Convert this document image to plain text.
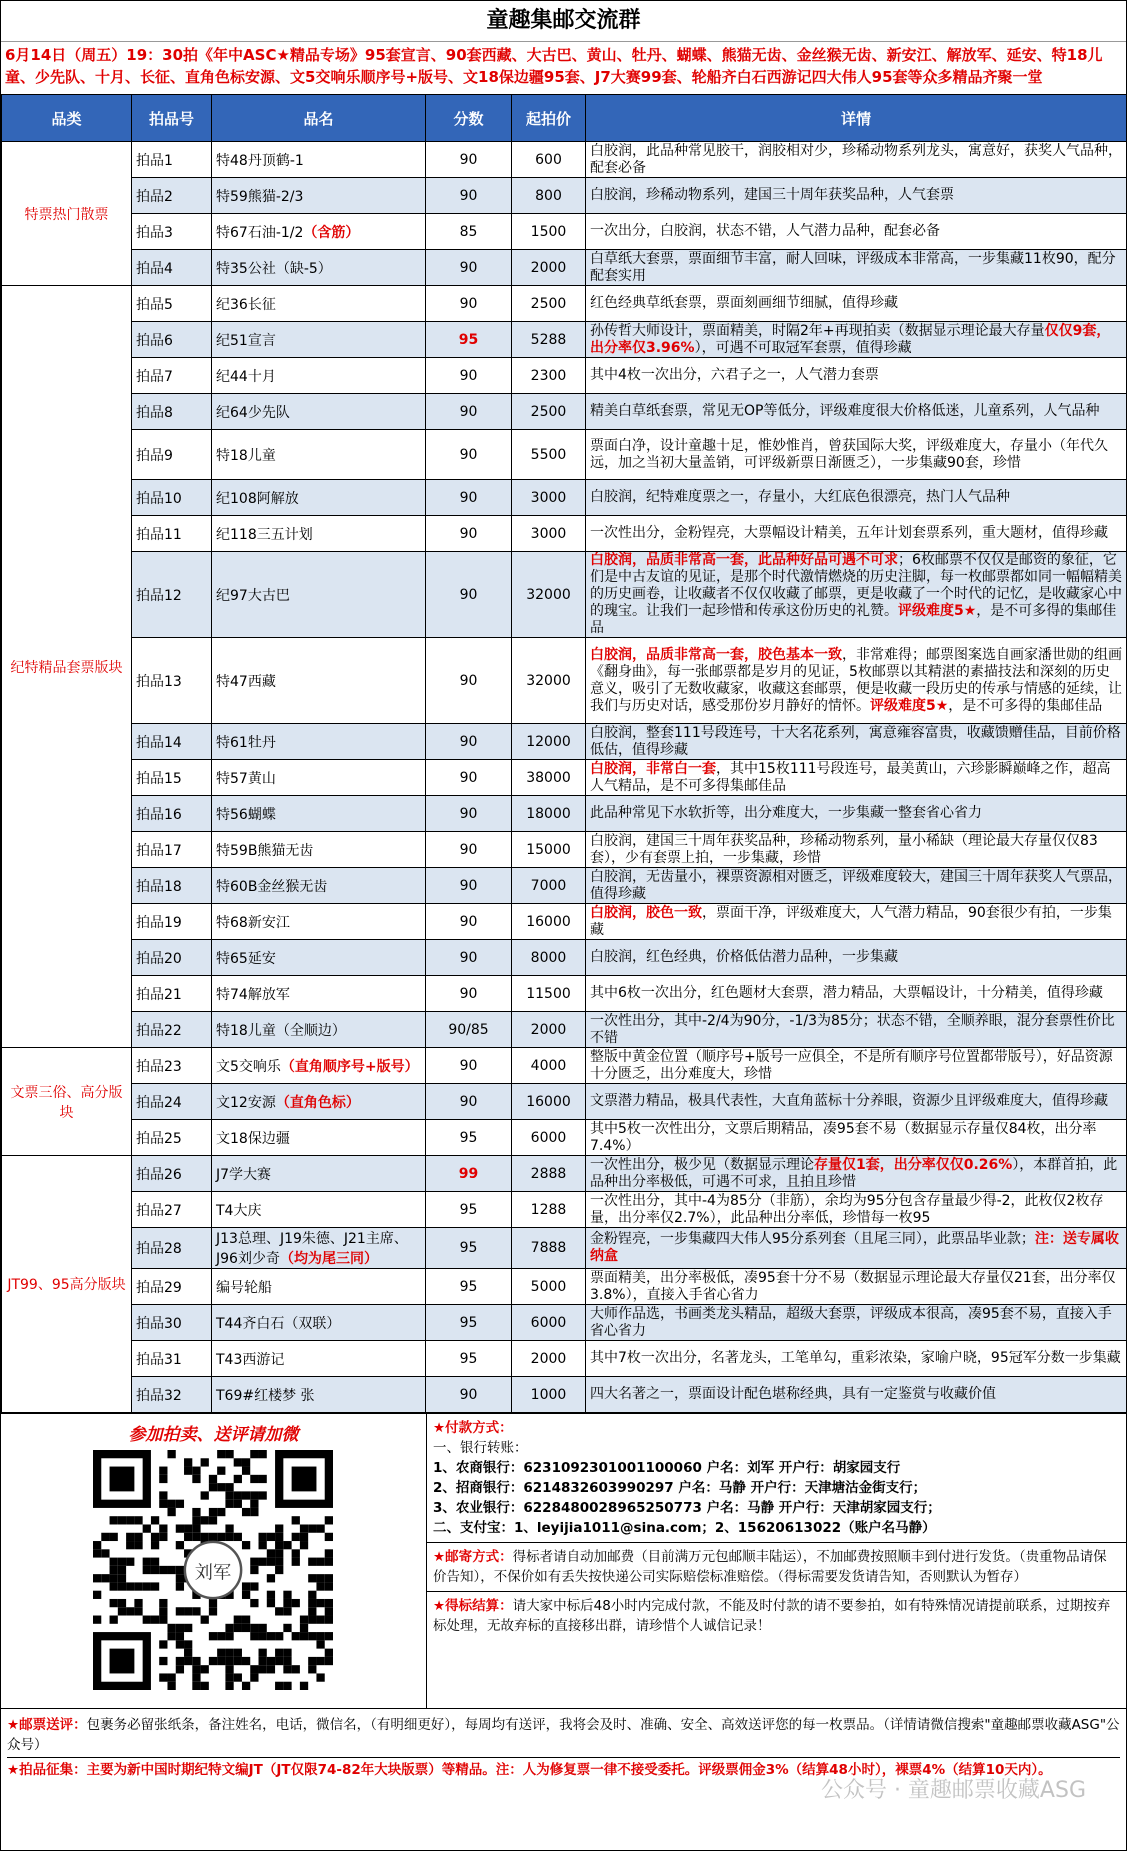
童趣集邮交流群
6月14日（周五）19：30拍《年中ASC★精品专场》95套宣言、90套西藏、大古巴、黄山、牡丹、蝴蝶、熊猫无齿、金丝猴无齿、新安江、解放军、延安、特18儿童、少先队、十月、长征、直角色标安源、文5交响乐顺序号+版号、文18保边疆95套、J7大赛99套、轮船齐白石西游记四大伟人95套等众多精品齐聚一堂
品类	拍品号	品名	分数	起拍价	详情
特票热门散票	拍品1	特48丹顶鹤-1	90	600	白胶润，此品种常见胶干，润胶相对少，珍稀动物系列龙头，寓意好，获奖人气品种，配套必备
	拍品2	特59熊猫-2/3	90	800	白胶润，珍稀动物系列，建国三十周年获奖品种，人气套票
	拍品3	特67石油-1/2（含筋）	85	1500	一次出分，白胶润，状态不错，人气潜力品种，配套必备
	拍品4	特35公社（缺-5）	90	2000	白草纸大套票，票面细节丰富，耐人回味，评级成本非常高，一步集藏11枚90，配分配套实用
纪特精品套票版块	拍品5	纪36长征	90	2500	红色经典草纸套票，票面刻画细节细腻，值得珍藏
	拍品6	纪51宣言	95	5288	孙传哲大师设计，票面精美，时隔2年+再现拍卖（数据显示理论最大存量仅仅9套，出分率仅3.96%），可遇不可取冠军套票，值得珍藏
	拍品7	纪44十月	90	2300	其中4枚一次出分，六君子之一，人气潜力套票
	拍品8	纪64少先队	90	2500	精美白草纸套票，常见无OP等低分，评级难度很大价格低迷，儿童系列，人气品种
	拍品9	特18儿童	90	5500	票面白净，设计童趣十足，惟妙惟肖，曾获国际大奖，评级难度大，存量小（年代久远，加之当初大量盖销，可评级新票日渐匮乏），一步集藏90套，珍惜
	拍品10	纪108阿解放	90	3000	白胶润，纪特难度票之一，存量小，大红底色很漂亮，热门人气品种
	拍品11	纪118三五计划	90	3000	一次性出分，金粉锃亮，大票幅设计精美，五年计划套票系列，重大题材，值得珍藏
	拍品12	纪97大古巴	90	32000	白胶润，品质非常高一套，此品种好品可遇不可求；6枚邮票不仅仅是邮资的象征，它们是中古友谊的见证，是那个时代激情燃烧的历史注脚，每一枚邮票都如同一幅幅精美的历史画卷，让收藏者不仅仅收藏了邮票，更是收藏了一个时代的记忆，是收藏家心中的瑰宝。让我们一起珍惜和传承这份历史的礼赞。评级难度5★，是不可多得的集邮佳品
	拍品13	特47西藏	90	32000	白胶润，品质非常高一套，胶色基本一致，非常难得；邮票图案选自画家潘世勋的组画《翻身曲》，每一张邮票都是岁月的见证，5枚邮票以其精湛的素描技法和深刻的历史意义，吸引了无数收藏家，收藏这套邮票，便是收藏一段历史的传承与情感的延续，让我们与历史对话，感受那份岁月静好的情怀。评级难度5★，是不可多得的集邮佳品
	拍品14	特61牡丹	90	12000	白胶润，整套111号段连号，十大名花系列，寓意雍容富贵，收藏馈赠佳品，目前价格低估，值得珍藏
	拍品15	特57黄山	90	38000	白胶润，非常白一套，其中15枚111号段连号，最美黄山，六珍影瞬巅峰之作，超高人气精品，是不可多得集邮佳品
	拍品16	特56蝴蝶	90	18000	此品种常见下水软折等，出分难度大，一步集藏一整套省心省力
	拍品17	特59B熊猫无齿	90	15000	白胶润，建国三十周年获奖品种，珍稀动物系列，量小稀缺（理论最大存量仅仅83套），少有套票上拍，一步集藏，珍惜
	拍品18	特60B金丝猴无齿	90	7000	白胶润，无齿量小，裸票资源相对匮乏，评级难度较大，建国三十周年获奖人气票品，值得珍藏
	拍品19	特68新安江	90	16000	白胶润，胶色一致，票面干净，评级难度大，人气潜力精品，90套很少有拍，一步集藏
	拍品20	特65延安	90	8000	白胶润，红色经典，价格低估潜力品种，一步集藏
	拍品21	特74解放军	90	11500	其中6枚一次出分，红色题材大套票，潜力精品，大票幅设计，十分精美，值得珍藏
	拍品22	特18儿童（全顺边）	90/85	2000	一次性出分，其中-2/4为90分，-1/3为85分；状态不错，全顺养眼，混分套票性价比不错
文票三俗、高分版块	拍品23	文5交响乐（直角顺序号+版号）	90	4000	整版中黄金位置（顺序号+版号一应俱全，不是所有顺序号位置都带版号），好品资源十分匮乏，出分难度大，珍惜
	拍品24	文12安源（直角色标）	90	16000	文票潜力精品，极具代表性，大直角蓝标十分养眼，资源少且评级难度大，值得珍藏
	拍品25	文18保边疆	95	6000	其中5枚一次性出分，文票后期精品，凑95套不易（数据显示存量仅84枚，出分率7.4%）
JT99、95高分版块	拍品26	J7学大赛	99	2888	一次性出分，极少见（数据显示理论存量仅1套，出分率仅仅0.26%），本群首拍，此品种出分率极低，可遇不可求，且拍且珍惜
	拍品27	T4大庆	95	1288	一次性出分，其中-4为85分（非筋），余均为95分包含存量最少得-2，此枚仅2枚存量，出分率仅2.7%），此品种出分率低，珍惜每一枚95
	拍品28	J13总理、J19朱德、J21主席、J96刘少奇（均为尾三同）	95	7888	金粉锃亮，一步集藏四大伟人95分系列套（且尾三同），此票品毕业款；注：送专属收纳盒
	拍品29	编号轮船	95	5000	票面精美，出分率极低，凑95套十分不易（数据显示理论最大存量仅21套，出分率仅3.8%），直接入手省心省力
	拍品30	T44齐白石（双联）	95	6000	大师作品选，书画类龙头精品，超级大套票，评级成本很高，凑95套不易，直接入手省心省力
	拍品31	T43西游记	95	2000	其中7枚一次出分，名著龙头，工笔单勾，重彩浓染，家喻户晓，95冠军分数一步集藏
	拍品32	T69#红楼梦 张	90	1000	四大名著之一，票面设计配色堪称经典，具有一定鉴赏与收藏价值
参加拍卖、送评请加微
刘军
★付款方式：
一、银行转账：
1、农商银行：6231092301001100060 户名：刘军 开户行：胡家园支行
2、招商银行：6214832603990297 户名：马静 开户行：天津塘沽金街支行；
3、农业银行：6228480028965250773 户名：马静 开户行：天津胡家园支行；
二、支付宝：1、leyijia1011@sina.com；2、15620613022（账户名马静）
★邮寄方式：得标者请自动加邮费（目前满万元包邮顺丰陆运），不加邮费按照顺丰到付进行发货。（贵重物品请保价告知），不保价如有丢失按快递公司实际赔偿标准赔偿。（得标需要发货请告知，否则默认为暂存）
★得标结算：请大家中标后48小时内完成付款，不能及时付款的请不要参拍，如有特殊情况请提前联系，过期按弃标处理，无故弃标的直接移出群，请珍惜个人诚信记录！
★邮票送评：包裹务必留张纸条，备注姓名，电话，微信名，（有明细更好），每周均有送评，我将会及时、准确、安全、高效送评您的每一枚票品。（详情请微信搜索"童趣邮票收藏ASG"公众号）
★拍品征集：主要为新中国时期纪特文编JT（JT仅限74-82年大块版票）等精品。注：人为修复票一律不接受委托。评级票佣金3%（结算48小时），裸票4%（结算10天内）。
公众号 · 童趣邮票收藏ASG
